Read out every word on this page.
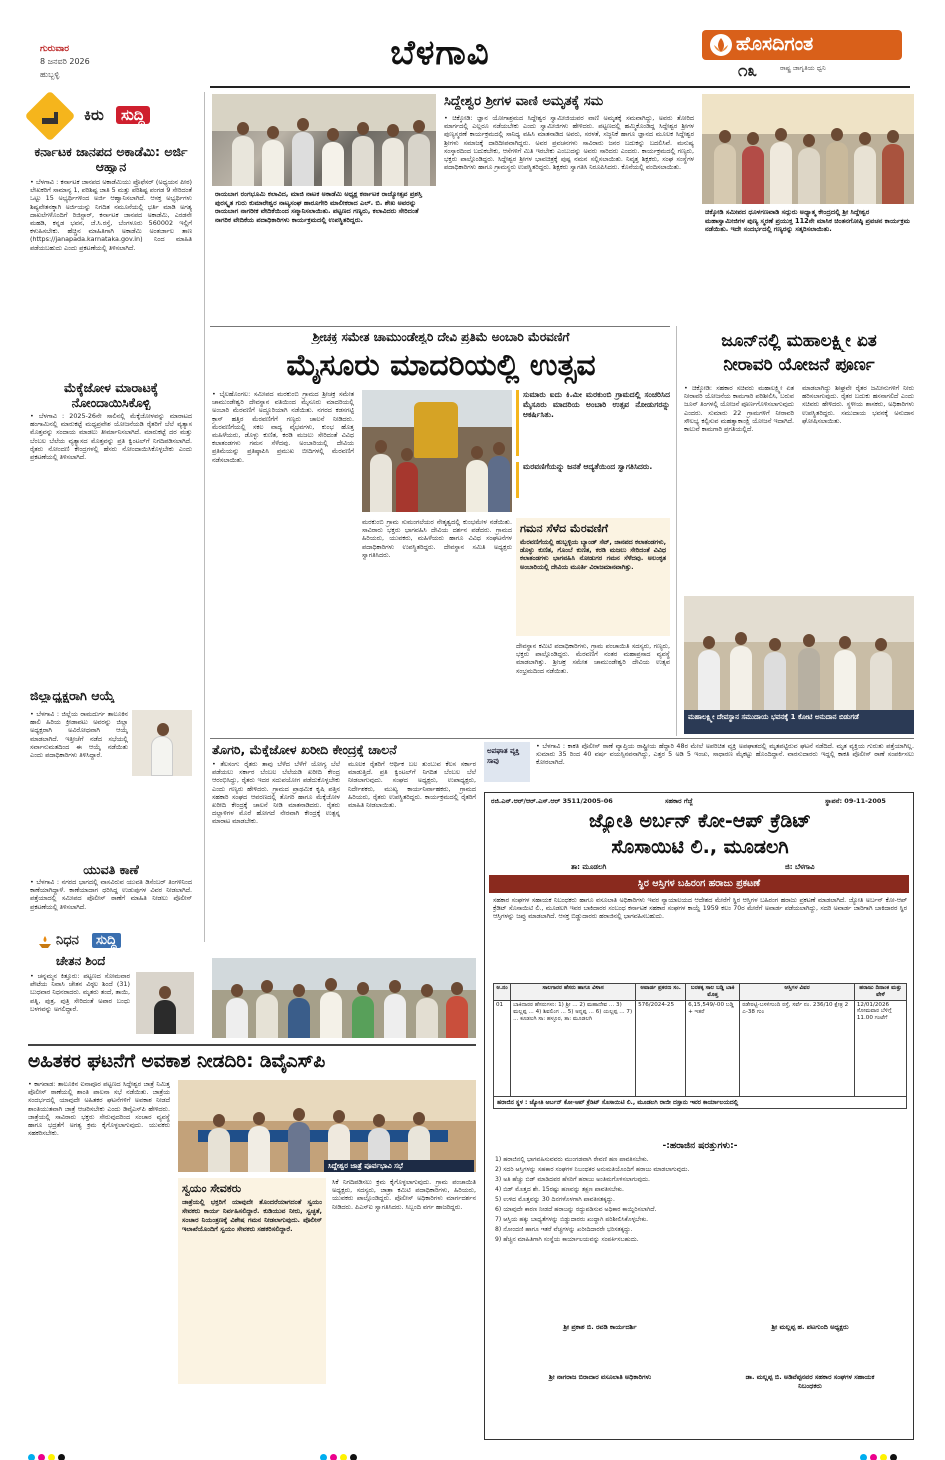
ಗುರುವಾರ
8 ಜನವರಿ 2026
ಹುಬ್ಬಳ್ಳಿ
ಬೆಳಗಾವಿ	ಹೊಸದಿಗಂತ
ರಾಷ್ಟ್ರ ಜಾಗೃತಿಯ ಧ್ವನಿ
೧೩
ಕಿರು	ಸುದ್ದಿ
ಕರ್ನಾಟಕ ಜಾನಪದ ಅಕಾಡೆಮಿ: ಅರ್ಜಿ ಆಹ್ವಾನ
• ಬೆಳಗಾವಿ : ಕರ್ನಾಟಕ ಜಾನಪದ ಅಕಾಡೆಮಿಯು ಪ್ರೊಫೆಸರ್ (ಅಧ್ಯಯನ ಪೀಠ) ಲೇಖಕರಿಗೆ ಸಾಮಾನ್ಯ 1, ಪರಿಶಿಷ್ಟ ಜಾತಿ 5 ಮತ್ತು ಪರಿಶಿಷ್ಟ ಪಂಗಡ 9 ಸೇರಿದಂತೆ ಒಟ್ಟು 15 ಅಭ್ಯರ್ಥಿಗಳಿಂದ ಅರ್ಜಿ ಆಹ್ವಾನಿಸಲಾಗಿದೆ. ಆಸಕ್ತ ಅಭ್ಯರ್ಥಿಗಳು ಶಿಷ್ಯವೇತನಕ್ಕಾಗಿ ಅರ್ಜಿಯನ್ನು ನಿಗದಿತ ನಮೂನೆಯಲ್ಲಿ ಭರ್ತಿ ಮಾಡಿ ಅಗತ್ಯ ದಾಖಲೆಗಳೊಂದಿಗೆ ರಿಜಿಸ್ಟಾರ್, ಕರ್ನಾಟಕ ಜಾನಪದ ಅಕಾಡೆಮಿ, ಎರಡನೇ ಮಹಡಿ, ಕನ್ನಡ ಭವನ, ಜೆ.ಸಿ.ರಸ್ತೆ, ಬೆಂಗಳೂರು 560002 ಇಲ್ಲಿಗೆ ಕಳುಹಿಸಬೇಕು. ಹೆಚ್ಚಿನ ಮಾಹಿತಿಗಾಗಿ ಅಕಾಡೆಮಿ ಅಂತರ್ಜಾಲ ತಾಣ (https://janapada.karnataka.gov.in) ನಿಂದ ಮಾಹಿತಿ ಪಡೆಯಬಹುದು ಎಂದು ಪ್ರಕಟಣೆಯಲ್ಲಿ ತಿಳಿಸಲಾಗಿದೆ.
ಮೆಕ್ಕೆಜೋಳ ಮಾರಾಟಕ್ಕೆ ನೋಂದಾಯಿಸಿಕೊಳ್ಳಿ
• ಬೆಳಗಾವಿ : 2025-26ನೇ ಸಾಲಿನಲ್ಲಿ ಮೆಕ್ಕೆಜೋಳವನ್ನು ಮಾರಾಟದ ಹಂಗಾಮಿನಲ್ಲಿ ಮಾರುಕಟ್ಟೆ ಮಧ್ಯಪ್ರವೇಶ ಯೋಜನೆಯಡಿ ರೈತರಿಗೆ ಬೆಲೆ ವ್ಯತ್ಯಾಸ ಮೊತ್ತವನ್ನು ಸಂದಾಯ ಮಾಡಲು ತೀರ್ಮಾನಿಸಲಾಗಿದೆ. ಮಾರುಕಟ್ಟೆ ದರ ಮತ್ತು ಬೆಂಬಲ ಬೆಲೆಯ ವ್ಯತ್ಯಾಸದ ಮೊತ್ತವನ್ನು ಪ್ರತಿ ಕ್ವಿಂಟಲ್‌ಗೆ ನಿಗದಿಪಡಿಸಲಾಗಿದೆ. ರೈತರು ನೋಂದಣಿ ಕೇಂದ್ರಗಳಲ್ಲಿ ಹೆಸರು ನೋಂದಾಯಿಸಿಕೊಳ್ಳಬೇಕು ಎಂದು ಪ್ರಕಟಣೆಯಲ್ಲಿ ತಿಳಿಸಲಾಗಿದೆ.
ಜಿಲ್ಲಾಧ್ಯಕ್ಷರಾಗಿ ಆಯ್ಕೆ
• ಬೆಳಗಾವಿ : ಜಿಲ್ಲೆಯ ರಾಮದುರ್ಗ ತಾಲೂಕಿನ ಹಾಲಿ ಹಿರಿಯ ಕ್ರೀಡಾಪಟು ಅವರನ್ನು ಜಿಲ್ಲಾ ಅಧ್ಯಕ್ಷರಾಗಿ ಅವಿರೋಧವಾಗಿ ಆಯ್ಕೆ ಮಾಡಲಾಗಿದೆ. ಇತ್ತೀಚೆಗೆ ನಡೆದ ಸಭೆಯಲ್ಲಿ ಸರ್ವಾನುಮತದಿಂದ ಈ ಆಯ್ಕೆ ನಡೆಯಿತು ಎಂದು ಪದಾಧಿಕಾರಿಗಳು ತಿಳಿಸಿದ್ದಾರೆ.
ಯುವತಿ ಕಾಣೆ
• ಬೆಳಗಾವಿ : ನಗರದ ಭಾಗದಲ್ಲಿ ವಾಸವಿರುವ ಯುವತಿ ಡಿಸೆಂಬರ್ ತಿಂಗಳಿನಿಂದ ಕಾಣೆಯಾಗಿದ್ದಾಳೆ. ಕಾಣೆಯಾದಾಗ ಧರಿಸಿದ್ದ ಉಡುಪುಗಳ ವಿವರ ನೀಡಲಾಗಿದೆ. ಪತ್ತೆಯಾದಲ್ಲಿ ಸಮೀಪದ ಪೊಲೀಸ್ ಠಾಣೆಗೆ ಮಾಹಿತಿ ನೀಡಲು ಪೊಲೀಸ್ ಪ್ರಕಟಣೆಯಲ್ಲಿ ತಿಳಿಸಲಾಗಿದೆ.
ನಿಧನ	ಸುದ್ದಿ
ಚೇತನ ಶಿಂದೆ
• ಚನ್ನಮ್ಮನ ಕಿತ್ತೂರು: ಪಟ್ಟಣದ ಸೋಮವಾರ ಪೇಟೆಯ ನಿವಾಸಿ ಚೇತನ ವಿಠ್ಠಲ ಶಿಂದೆ (31) ಬುಧವಾರ ನಿಧನರಾದರು. ಮೃತರು ತಂದೆ, ತಾಯಿ, ಪತ್ನಿ, ಪುತ್ರ, ಪುತ್ರಿ ಸೇರಿದಂತೆ ಅಪಾರ ಬಂಧು ಬಳಗವನ್ನು ಅಗಲಿದ್ದಾರೆ.
ರಾಯಬಾಗ ರಂಗಭೂಮಿ ಕಲಾವಿದ, ಮಾಜಿ ನಾಟಕ ಅಕಾಡೆಮಿ ಅಧ್ಯಕ್ಷ ಕರ್ನಾಟಕ ರಾಜ್ಯೋತ್ಸವ ಪ್ರಶಸ್ತಿ ಪುರಸ್ಕೃತ ಗುರು ಕುಮಾರೇಶ್ವರ ನಾಟ್ಯಸಂಘ ಹಾರೂಗೇರಿ ಮಾಲೀಕರಾದ ಎಲ್. ಬಿ. ಶೇಖ ಅವರನ್ನು ರಾಯಬಾಗ ನಾಗರೀಕ ವೇದಿಕೆಯಿಂದ ಸನ್ಮಾನಿಸಲಾಯಿತು. ಪಟ್ಟಣದ ಗಣ್ಯರು, ಕಲಾವಿದರು ಸೇರಿದಂತೆ ನಾಗರಿಕ ವೇದಿಕೆಯ ಪದಾಧಿಕಾರಿಗಳು ಕಾರ್ಯಕ್ರಮದಲ್ಲಿ ಉಪಸ್ಥಿತರಿದ್ದರು.
ಸಿದ್ದೇಶ್ವರ ಶ್ರೀಗಳ ವಾಣಿ ಅಮೃತಕ್ಕೆ ಸಮ
• ಚಿಕ್ಕೋಡಿ: ಜ್ಞಾನ ಯೋಗಾಶ್ರಮದ ಸಿದ್ದೇಶ್ವರ ಸ್ವಾಮೀಜಿಯವರ ವಾಣಿ ಅಮೃತಕ್ಕೆ ಸಮವಾಗಿದ್ದು, ಅವರು ತೋರಿದ ಮಾರ್ಗದಲ್ಲಿ ಎಲ್ಲರೂ ನಡೆಯಬೇಕು ಎಂದು ಸ್ವಾಮೀಜಿಗಳು ಹೇಳಿದರು. ಪಟ್ಟಣದಲ್ಲಿ ಹಮ್ಮಿಕೊಂಡಿದ್ದ ಸಿದ್ದೇಶ್ವರ ಶ್ರೀಗಳ ಪುಣ್ಯಸ್ಮರಣೆ ಕಾರ್ಯಕ್ರಮದಲ್ಲಿ ಸಾನಿಧ್ಯ ವಹಿಸಿ ಮಾತನಾಡಿದ ಅವರು, ಸರಳತೆ, ಸಜ್ಜನಿಕೆ ಹಾಗೂ ಜ್ಞಾನದ ಮೂಲಕ ಸಿದ್ದೇಶ್ವರ ಶ್ರೀಗಳು ಸಮಾಜಕ್ಕೆ ದಾರಿದೀಪವಾಗಿದ್ದರು. ಅವರ ಪ್ರವಚನಗಳು ಸಾವಿರಾರು ಜನರ ಬದುಕನ್ನು ಬದಲಿಸಿವೆ. ಮನುಷ್ಯ ಸಂಸ್ಕಾರದಿಂದ ಬದುಕಬೇಕು, ಆಸೆಗಳಿಗೆ ಮಿತಿ ಇರಬೇಕು ಎಂಬುದನ್ನು ಅವರು ಸಾರಿದರು ಎಂದರು. ಕಾರ್ಯಕ್ರಮದಲ್ಲಿ ಗಣ್ಯರು, ಭಕ್ತರು ಪಾಲ್ಗೊಂಡಿದ್ದರು. ಸಿದ್ದೇಶ್ವರ ಶ್ರೀಗಳ ಭಾವಚಿತ್ರಕ್ಕೆ ಪುಷ್ಪ ನಮನ ಸಲ್ಲಿಸಲಾಯಿತು. ನಿವೃತ್ತ ಶಿಕ್ಷಕರು, ಸಂಘ ಸಂಸ್ಥೆಗಳ ಪದಾಧಿಕಾರಿಗಳು ಹಾಗೂ ಗ್ರಾಮಸ್ಥರು ಉಪಸ್ಥಿತರಿದ್ದರು. ಶಿಕ್ಷಕರು ಸ್ವಾಗತಿಸಿ ನಿರೂಪಿಸಿದರು. ಕೊನೆಯಲ್ಲಿ ವಂದಿಸಲಾಯಿತು.
ಚಿಕ್ಕೋಡಿ ಸಮೀಪದ ಧೂಳಗಣವಾಡಿ ಸದ್ಗುರು ಅಧ್ಯಾತ್ಮ ಕೇಂದ್ರದಲ್ಲಿ ಶ್ರೀ ಸಿದ್ದೇಶ್ವರ ಮಹಾಸ್ವಾಮೀಜಿಗಳ ಪುಣ್ಯ ಸ್ಮರಣೆ ಪ್ರಯುಕ್ತ 112ನೇ ಮಾಸಿಕ ಚಿಂತನಗೋಷ್ಠಿ ಪ್ರವಚನ ಕಾರ್ಯಕ್ರಮ ನಡೆಯಿತು. ಇದೇ ಸಂದರ್ಭದಲ್ಲಿ ಗಣ್ಯರನ್ನು ಸತ್ಕರಿಸಲಾಯಿತು.
ಶ್ರೀಚಕ್ರ ಸಮೇತ ಚಾಮುಂಡೇಶ್ವರಿ ದೇವಿ ಪ್ರತಿಮೆ ಅಂಬಾರಿ ಮೆರವಣಿಗೆ
ಮೈಸೂರು ಮಾದರಿಯಲ್ಲಿ ಉತ್ಸವ
• ಬೈಲಹೊಂಗಲ: ಸಮೀಪದ ಮರಕುಂಬಿ ಗ್ರಾಮದ ಶ್ರೀಚಕ್ರ ಸಮೇತ ಚಾಮುಂಡೇಶ್ವರಿ ದೇವಸ್ಥಾನ ವತಿಯಿಂದ ಮೈಸೂರು ಮಾದರಿಯಲ್ಲಿ ಅಂಬಾರಿ ಮೆರವಣಿಗೆ ಅದ್ಧೂರಿಯಾಗಿ ನಡೆಯಿತು. ನಗರದ ಕಡಸಗಟ್ಟಿ ಕ್ರಾಸ್ ಹತ್ತಿರ ಮೆರವಣಿಗೆಗೆ ಗಣ್ಯರು ಚಾಲನೆ ನೀಡಿದರು. ಮೆರವಣಿಗೆಯಲ್ಲಿ ಸಕಲ ವಾದ್ಯ ವೈಭವಗಳು, ಕುಂಭ ಹೊತ್ತ ಮಹಿಳೆಯರು, ಡೊಳ್ಳು ಕುಣಿತ, ಕರಡಿ ಮಜಲು ಸೇರಿದಂತೆ ವಿವಿಧ ಕಲಾತಂಡಗಳು ಗಮನ ಸೆಳೆದವು. ಅಂಬಾರಿಯಲ್ಲಿ ದೇವಿಯ ಪ್ರತಿಮೆಯನ್ನು ಪ್ರತಿಷ್ಠಾಪಿಸಿ ಪ್ರಮುಖ ಬೀದಿಗಳಲ್ಲಿ ಮೆರವಣಿಗೆ ನಡೆಸಲಾಯಿತು.
ಸುಮಾರು ಐದು ಕಿ.ಮೀ ಮರಕುಂಬಿ ಗ್ರಾಮದಲ್ಲಿ ಸಂಚರಿಸಿದ ಮೈಸೂರು ಮಾದರಿಯ ಅಂಬಾರಿ ಉತ್ಸವ ನೋಡುಗರನ್ನು ಆಕರ್ಷಿಸಿತು.
ಮರವಣಿಗೆಯನ್ನು ಜನತೆ ಆದ್ಯತೆಯಿಂದ ಸ್ವಾಗತಿಸಿದರು.
ಮರಕುಂಬಿ ಗ್ರಾಮ ಸುಮಂಗಲೆಯರ ನೇತೃತ್ವದಲ್ಲಿ ಕುಂಭಮೇಳ ನಡೆಯಿತು. ಸಾವಿರಾರು ಭಕ್ತರು ಭಾಗವಹಿಸಿ ದೇವಿಯ ದರ್ಶನ ಪಡೆದರು. ಗ್ರಾಮದ ಹಿರಿಯರು, ಯುವಕರು, ಮಹಿಳೆಯರು ಹಾಗೂ ವಿವಿಧ ಸಂಘಟನೆಗಳ ಪದಾಧಿಕಾರಿಗಳು ಉಪಸ್ಥಿತರಿದ್ದರು. ದೇವಸ್ಥಾನ ಸಮಿತಿ ಅಧ್ಯಕ್ಷರು ಸ್ವಾಗತಿಸಿದರು.
ಗಮನ ಸೆಳೆದ ಮೆರವಣಿಗೆ
ಮೆರವಣಿಗೆಯಲ್ಲಿ ಹುಬ್ಬಳ್ಳಿಯ ಬ್ಯಾಂಡ್ ಸೆಟ್, ಜಾನಪದ ಕಲಾತಂಡಗಳು, ಡೊಳ್ಳು ಕುಣಿತ, ಗೊಂಬೆ ಕುಣಿತ, ಕರಡಿ ಮಜಲು ಸೇರಿದಂತೆ ವಿವಿಧ ಕಲಾತಂಡಗಳು ಭಾಗವಹಿಸಿ ನೋಡುಗರ ಗಮನ ಸೆಳೆದವು. ಅಲಂಕೃತ ಅಂಬಾರಿಯಲ್ಲಿ ದೇವಿಯ ಮೂರ್ತಿ ವಿರಾಜಮಾನವಾಗಿತ್ತು.
ದೇವಸ್ಥಾನ ಕಮಿಟಿ ಪದಾಧಿಕಾರಿಗಳು, ಗ್ರಾಮ ಪಂಚಾಯಿತಿ ಸದಸ್ಯರು, ಗಣ್ಯರು, ಭಕ್ತರು ಪಾಲ್ಗೊಂಡಿದ್ದರು. ಮೆರವಣಿಗೆ ನಂತರ ಮಹಾಪ್ರಸಾದ ವ್ಯವಸ್ಥೆ ಮಾಡಲಾಗಿತ್ತು. ಶ್ರೀಚಕ್ರ ಸಮೇತ ಚಾಮುಂಡೇಶ್ವರಿ ದೇವಿಯ ಉತ್ಸವ ಸಂಭ್ರಮದಿಂದ ನಡೆಯಿತು.
ಜೂನ್‌ನಲ್ಲಿ ಮಹಾಲಕ್ಷ್ಮೀ ಏತ
ನೀರಾವರಿ ಯೋಜನೆ ಪೂರ್ಣ
• ಚಿಕ್ಕೋಡಿ: ಸಹಕಾರ ಸಚಿವರು ಮಹಾಲಕ್ಷ್ಮೀ ಏತ ನೀರಾವರಿ ಯೋಜನೆಯ ಕಾಮಗಾರಿ ಪರಿಶೀಲಿಸಿ, ಬರುವ ಜೂನ್ ತಿಂಗಳಲ್ಲಿ ಯೋಜನೆ ಪೂರ್ಣಗೊಳಿಸಲಾಗುವುದು ಎಂದರು. ಸುಮಾರು 22 ಗ್ರಾಮಗಳಿಗೆ ನೀರಾವರಿ ಸೌಲಭ್ಯ ಕಲ್ಪಿಸುವ ಮಹತ್ವಾಕಾಂಕ್ಷಿ ಯೋಜನೆ ಇದಾಗಿದೆ. ಕಾಲುವೆ ಕಾಮಗಾರಿ ಪ್ರಗತಿಯಲ್ಲಿದೆ.
ಮಾಡಲಾಗಿದ್ದು ಶೀಘ್ರವೇ ರೈತರ ಜಮೀನುಗಳಿಗೆ ನೀರು ಹರಿಸಲಾಗುವುದು. ರೈತರ ಬದುಕು ಹಸನಾಗಲಿದೆ ಎಂದು ಸಚಿವರು ಹೇಳಿದರು. ಸ್ಥಳೀಯ ಶಾಸಕರು, ಅಧಿಕಾರಿಗಳು ಉಪಸ್ಥಿತರಿದ್ದರು. ಸಮುದಾಯ ಭವನಕ್ಕೆ ಅನುದಾನ ಘೋಷಿಸಲಾಯಿತು.
ಮಹಾಲಕ್ಷ್ಮೀ ದೇವಸ್ಥಾನ ಸಮುದಾಯ ಭವನಕ್ಕೆ 1 ಕೋಟಿ ಅನುದಾನ ಬಿಡುಗಡೆ
ತೊಗರಿ, ಮೆಕ್ಕೆಜೋಳ ಖರೀದಿ ಕೇಂದ್ರಕ್ಕೆ ಚಾಲನೆ
• ತೆಲಸಂಗ: ರೈತರು ತಾವು ಬೆಳೆದ ಬೆಳೆಗೆ ಯೋಗ್ಯ ಬೆಲೆ ಪಡೆಯಲು ಸರ್ಕಾರ ಬೆಂಬಲ ಬೆಲೆಯಡಿ ಖರೀದಿ ಕೇಂದ್ರ ಆರಂಭಿಸಿದ್ದು, ರೈತರು ಇದರ ಸದುಪಯೋಗ ಪಡೆದುಕೊಳ್ಳಬೇಕು ಎಂದು ಗಣ್ಯರು ಹೇಳಿದರು. ಗ್ರಾಮದ ಪ್ರಾಥಮಿಕ ಕೃಷಿ ಪತ್ತಿನ ಸಹಕಾರಿ ಸಂಘದ ಆವರಣದಲ್ಲಿ ತೊಗರಿ ಹಾಗೂ ಮೆಕ್ಕೆಜೋಳ ಖರೀದಿ ಕೇಂದ್ರಕ್ಕೆ ಚಾಲನೆ ನೀಡಿ ಮಾತನಾಡಿದರು. ರೈತರು ದಲ್ಲಾಳಿಗಳ ಮೊರೆ ಹೋಗದೆ ನೇರವಾಗಿ ಕೇಂದ್ರಕ್ಕೆ ಉತ್ಪನ್ನ ಮಾರಾಟ ಮಾಡಬೇಕು.
ಮೂಲಕ ರೈತರಿಗೆ ಆರ್ಥಿಕ ಬಲ ತುಂಬುವ ಕೆಲಸ ಸರ್ಕಾರ ಮಾಡುತ್ತಿದೆ. ಪ್ರತಿ ಕ್ವಿಂಟಲ್‌ಗೆ ನಿಗದಿತ ಬೆಂಬಲ ಬೆಲೆ ನೀಡಲಾಗುವುದು. ಸಂಘದ ಅಧ್ಯಕ್ಷರು, ಉಪಾಧ್ಯಕ್ಷರು, ನಿರ್ದೇಶಕರು, ಮುಖ್ಯ ಕಾರ್ಯನಿರ್ವಾಹಕರು, ಗ್ರಾಮದ ಹಿರಿಯರು, ರೈತರು ಉಪಸ್ಥಿತರಿದ್ದರು. ಕಾರ್ಯಕ್ರಮದಲ್ಲಿ ರೈತರಿಗೆ ಮಾಹಿತಿ ನೀಡಲಾಯಿತು.
ಅಪಘಾತ ವ್ಯಕ್ತಿ ಸಾವು
• ಬೆಳಗಾವಿ : ಕಾಕತಿ ಪೊಲೀಸ್ ಠಾಣೆ ವ್ಯಾಪ್ತಿಯ ರಾಷ್ಟ್ರೀಯ ಹೆದ್ದಾರಿ 48ರ ಮೇಲೆ ಅಪರಿಚಿತ ವ್ಯಕ್ತಿ ಅಪಘಾತದಲ್ಲಿ ಮೃತಪಟ್ಟಿರುವ ಘಟನೆ ನಡೆದಿದೆ. ಮೃತ ವ್ಯಕ್ತಿಯ ಗುರುತು ಪತ್ತೆಯಾಗಿಲ್ಲ. ಸುಮಾರು 35 ರಿಂದ 40 ವರ್ಷ ವಯಸ್ಸಿನವನಾಗಿದ್ದು, ಎತ್ತರ 5 ಅಡಿ 5 ಇಂಚು, ಸಾಧಾರಣ ಮೈಕಟ್ಟು ಹೊಂದಿದ್ದಾನೆ. ವಾರಸುದಾರರು ಇದ್ದಲ್ಲಿ ಕಾಕತಿ ಪೊಲೀಸ್ ಠಾಣೆ ಸಂಪರ್ಕಿಸಲು ಕೋರಲಾಗಿದೆ.
ರಜಿ.ಎನ್.ಆರ್/ಆರ್.ಎಸ್.ಆರ್ 3511/2005-06	ಸಹಕಾರ ಗೆಜ್ಜೆ	ಸ್ಥಾಪನೆ: 09-11-2005
ಜ್ಯೋತಿ ಅರ್ಬನ್ ಕೋ-ಆಪ್ ಕ್ರೆಡಿಟ್
ಸೊಸಾಯಿಟಿ ಲಿ., ಮೂಡಲಗಿ
ತಾ: ಮೂಡಲಗಿ	ಜಿ: ಬೆಳಗಾವಿ
ಸ್ಥಿರ ಆಸ್ತಿಗಳ ಬಹಿರಂಗ ಹರಾಜು ಪ್ರಕಟಣೆ
ಸಹಕಾರ ಸಂಘಗಳ ಸಹಾಯಕ ನಿಬಂಧಕರು ಹಾಗೂ ವಸೂಲಾತಿ ಅಧಿಕಾರಿಗಳು ಇವರ ನ್ಯಾಯಾಲಯದ ಆದೇಶದ ಮೇರೆಗೆ ಸ್ಥಿರ ಆಸ್ತಿಗಳ ಬಹಿರಂಗ ಹರಾಜು ಪ್ರಕಟಣೆ ಮಾಡಲಾಗಿದೆ. ಜ್ಯೋತಿ ಅರ್ಬನ್ ಕೋ-ಆಪ್ ಕ್ರೆಡಿಟ್ ಸೊಸಾಯಿಟಿ ಲಿ., ಮೂಡಲಗಿ ಇವರ ಬಾಕಿದಾರರ ಸಂಬಂಧ ಕರ್ನಾಟಕ ಸಹಕಾರ ಸಂಘಗಳ ಕಾಯ್ದೆ 1959 ಕಲಂ 70ರ ಮೇರೆಗೆ ಅವಾರ್ಡ ಪಡೆಯಲಾಗಿದ್ದು, ಸದರಿ ಅವಾರ್ಡ ಜಾರಿಗಾಗಿ ಬಾಕಿದಾರರ ಸ್ಥಿರ ಆಸ್ತಿಗಳನ್ನು ಜಪ್ತು ಮಾಡಲಾಗಿದೆ. ಆಸಕ್ತ ಬಿಡ್ಡುದಾರರು ಹರಾಜಿನಲ್ಲಿ ಭಾಗವಹಿಸಬಹುದು.
ಅ.ನಂ	ಸಾಲಗಾರರ ಹೆಸರು ಹಾಗೂ ವಿಳಾಸ	ಅವಾರ್ಡ ಪ್ರಕರಣ ಸಂ.	ಬರತಕ್ಕ ಸಾಲ ಬಡ್ಡಿ ಬಾಕಿ ಮೊತ್ತ	ಆಸ್ತಿಗಳ ವಿವರ	ಹರಾಜು ದಿನಾಂಕ ಮತ್ತು ವೇಳೆ
01	ಬಾಕಿದಾರರ ಹೆಸರುಗಳು: 1) ಶ್ರೀ ... 2) ಮಹಾದೇವ ... 3) ಮಲ್ಲಪ್ಪ ... 4) ಶಿವಲಿಂಗ ... 5) ಅನ್ನಪ್ಪ ... 6) ಯಲ್ಲಪ್ಪ ... 7) ... ಕೂಡಲಗಿ ಸಾ: ಹಳ್ಳೂರ, ತಾ: ಮೂಡಲಗಿ	576/2024-25	6,15,549/-00 ಬಡ್ಡಿ + ಇತರೆ	ರಡೇರಟ್ಟಿ-ಬಸಳಿಗುಂದಿ ರಸ್ತೆ, ಸರ್ವೆ ನಂ. 236/10 ಕ್ಷೇತ್ರ 2 ಎ-38 ಗುಂ	12/01/2026 ಸೋಮವಾರ ಬೆಳಿಗ್ಗೆ 11.00 ಗಂಟೆಗೆ
ಹರಾಜಿನ ಸ್ಥಳ : ಜ್ಯೋತಿ ಅರ್ಬನ್ ಕೋ-ಆಪ್ ಕ್ರೆಡಿಟ್ ಸೊಸಾಯಿಟಿ ಲಿ., ಮೂಡಲಗಿ ರಾಜೀ ದಸ್ತಾನು ಇವರ ಕಾರ್ಯಾಲಯದಲ್ಲಿ
-:ಹರಾಜಿನ ಷರತ್ತುಗಳು:-
1) ಹರಾಜಿನಲ್ಲಿ ಭಾಗವಹಿಸುವವರು ಮುಂಗಡವಾಗಿ ಠೇವಣಿ ಹಣ ಪಾವತಿಸಬೇಕು.
2) ಸದರಿ ಆಸ್ತಿಗಳನ್ನು ಸಹಕಾರ ಸಂಘಗಳ ನಿಬಂಧಕರ ಅನುಮತಿಯೊಂದಿಗೆ ಹರಾಜು ಮಾಡಲಾಗುವುದು.
3) ಅತಿ ಹೆಚ್ಚು ಬಿಡ್ ಮಾಡಿದವರ ಹೆಸರಿಗೆ ಹರಾಜು ಅಂತಿಮಗೊಳಿಸಲಾಗುವುದು.
4) ಬಿಡ್ ಮೊತ್ತದ ಶೇ. 15ರಷ್ಟು ಹಣವನ್ನು ತಕ್ಷಣ ಪಾವತಿಸಬೇಕು.
5) ಉಳಿದ ಮೊತ್ತವನ್ನು 30 ದಿನಗಳೊಳಗಾಗಿ ಪಾವತಿಸತಕ್ಕದ್ದು.
6) ಯಾವುದೇ ಕಾರಣ ನೀಡದೆ ಹರಾಜನ್ನು ರದ್ದುಪಡಿಸುವ ಅಧಿಕಾರ ಕಾಯ್ದಿರಿಸಲಾಗಿದೆ.
7) ಆಸ್ತಿಯ ಹಕ್ಕು ಬಾಧ್ಯತೆಗಳನ್ನು ಬಿಡ್ಡುದಾರರು ಖುದ್ದಾಗಿ ಪರಿಶೀಲಿಸಿಕೊಳ್ಳಬೇಕು.
8) ನೋಂದಣಿ ಹಾಗೂ ಇತರೆ ವೆಚ್ಚಗಳನ್ನು ಖರೀದಿದಾರರೇ ಭರಿಸತಕ್ಕದ್ದು.
9) ಹೆಚ್ಚಿನ ಮಾಹಿತಿಗಾಗಿ ಸಂಸ್ಥೆಯ ಕಾರ್ಯಾಲಯವನ್ನು ಸಂಪರ್ಕಿಸಬಹುದು.
ಶ್ರೀ ಪ್ರಕಾಶ ಬಿ. ರವಡಿ ಕಾರ್ಯದರ್ಶಿ	ಶ್ರೀ ಮಲ್ಲಪ್ಪ ಹ. ಪಟಗುಂದಿ ಅಧ್ಯಕ್ಷರು
ಶ್ರೀ ನಾಗರಾಜ ಬಿರಾದಾರ ವಸೂಲಾತಿ ಅಧಿಕಾರಿಗಳು	ಡಾ. ಮಲ್ಲಪ್ಪ ಬಿ. ಅಡಿವೆಪ್ಪನವರ ಸಹಕಾರ ಸಂಘಗಳ ಸಹಾಯಕ ನಿಬಂಧಕರು
ಅಹಿತಕರ ಘಟನೆಗೆ ಅವಕಾಶ ನೀಡದಿರಿ: ಡಿವೈಎಸ್‌ಪಿ
• ಕಾಗವಾಡ: ತಾಲೂಕಿನ ಐನಾಪೂರ ಪಟ್ಟಣದ ಸಿದ್ದೇಶ್ವರ ಜಾತ್ರೆ ನಿಮಿತ್ತ ಪೊಲೀಸ್ ಠಾಣೆಯಲ್ಲಿ ಶಾಂತಿ ಪಾಲನಾ ಸಭೆ ನಡೆಯಿತು. ಜಾತ್ರೆಯ ಸಂದರ್ಭದಲ್ಲಿ ಯಾವುದೇ ಅಹಿತಕರ ಘಟನೆಗಳಿಗೆ ಅವಕಾಶ ನೀಡದೆ ಶಾಂತಿಯುತವಾಗಿ ಜಾತ್ರೆ ಆಚರಿಸಬೇಕು ಎಂದು ಡಿವೈಎಸ್‌ಪಿ ಹೇಳಿದರು. ಜಾತ್ರೆಯಲ್ಲಿ ಸಾವಿರಾರು ಭಕ್ತರು ಸೇರುವುದರಿಂದ ಸಂಚಾರ ವ್ಯವಸ್ಥೆ ಹಾಗೂ ಭದ್ರತೆಗೆ ಅಗತ್ಯ ಕ್ರಮ ಕೈಗೊಳ್ಳಲಾಗುವುದು. ಯುವಕರು ಸಹಕರಿಸಬೇಕು.
ಸಿದ್ದೇಶ್ವರ ಜಾತ್ರೆ ಪೂರ್ವಭಾವಿ ಸಭೆ
ಸ್ವಯಂ ಸೇವಕರು
ಜಾತ್ರೆಯಲ್ಲಿ ಭಕ್ತರಿಗೆ ಯಾವುದೇ ತೊಂದರೆಯಾಗದಂತೆ ಸ್ವಯಂ ಸೇವಕರು ಕಾರ್ಯ ನಿರ್ವಹಿಸಲಿದ್ದಾರೆ. ಕುಡಿಯುವ ನೀರು, ಸ್ವಚ್ಛತೆ, ಸಂಚಾರ ನಿಯಂತ್ರಣಕ್ಕೆ ವಿಶೇಷ ಗಮನ ನೀಡಲಾಗುವುದು. ಪೊಲೀಸ್ ಇಲಾಖೆಯೊಂದಿಗೆ ಸ್ವಯಂ ಸೇವಕರು ಸಹಕರಿಸಲಿದ್ದಾರೆ.
ಸಿಕೆ ನಿಗದಿಪಡಿಸಲು ಕ್ರಮ ಕೈಗೊಳ್ಳಲಾಗುವುದು. ಗ್ರಾಮ ಪಂಚಾಯಿತಿ ಅಧ್ಯಕ್ಷರು, ಸದಸ್ಯರು, ಜಾತ್ರಾ ಕಮಿಟಿ ಪದಾಧಿಕಾರಿಗಳು, ಹಿರಿಯರು, ಯುವಕರು ಪಾಲ್ಗೊಂಡಿದ್ದರು. ಪೊಲೀಸ್ ಅಧಿಕಾರಿಗಳು ಮಾರ್ಗದರ್ಶನ ನೀಡಿದರು. ಪಿಎಸ್‌ಐ ಸ್ವಾಗತಿಸಿದರು. ಸಿಬ್ಬಂದಿ ವರ್ಗ ಹಾಜರಿದ್ದರು.
